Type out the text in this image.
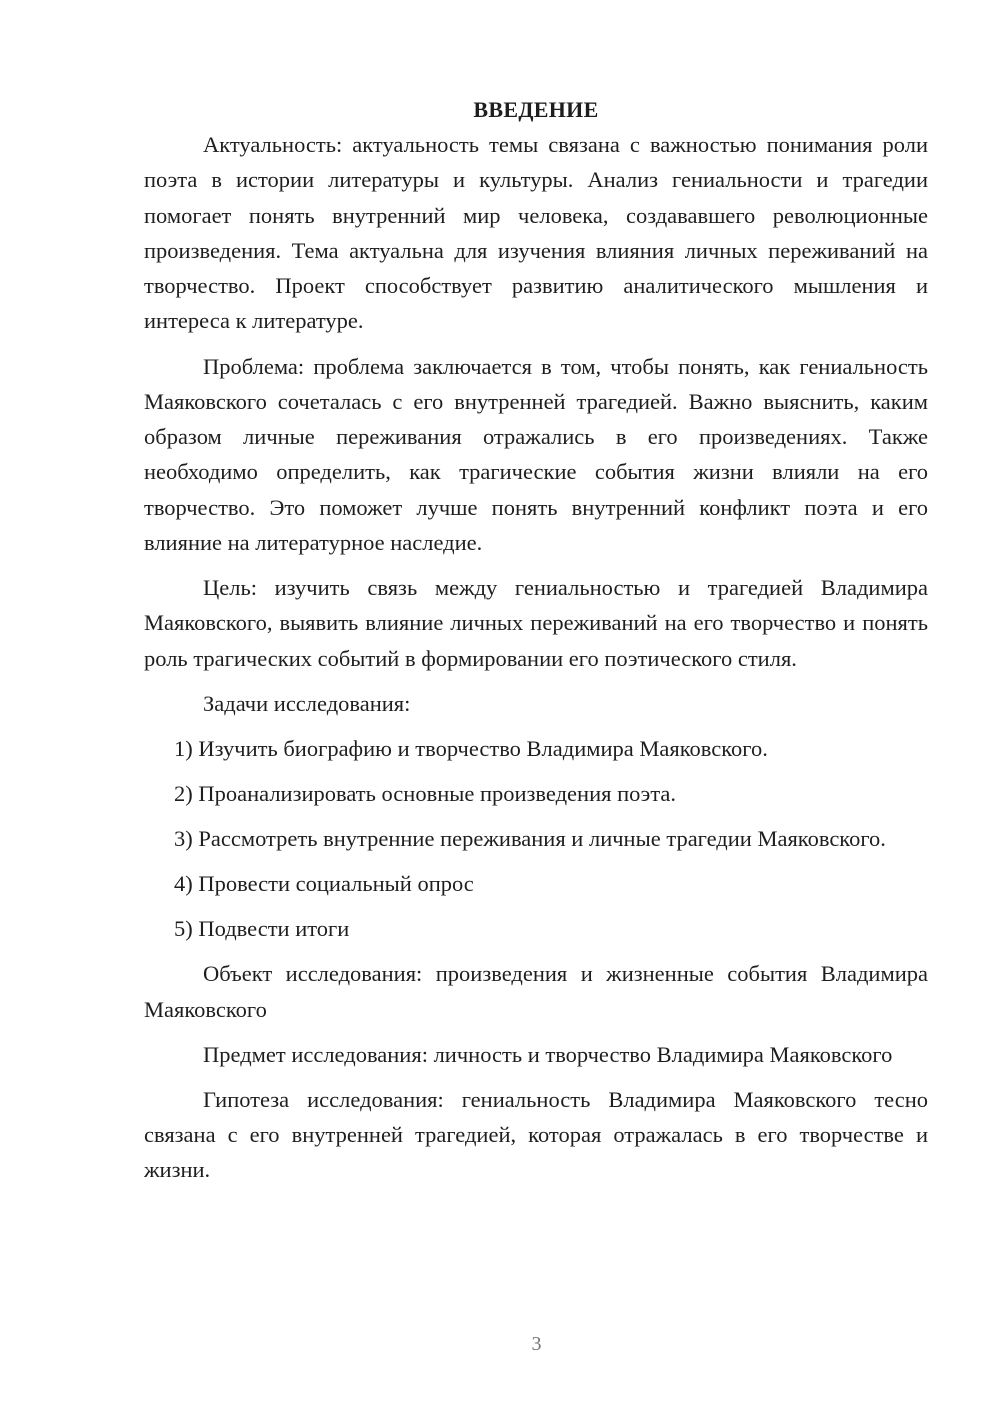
ВВЕДЕНИЕ

Актуальность: актуальность темы связана с важностью понимания роли поэта в истории литературы и культуры. Анализ гениальности и трагедии помогает понять внутренний мир человека, создававшего революционные произведения. Тема актуальна для изучения влияния личных переживаний на творчество. Проект способствует развитию аналитического мышления и интереса к литературе.

Проблема: проблема заключается в том, чтобы понять, как гениальность Маяковского сочеталась с его внутренней трагедией. Важно выяснить, каким образом личные переживания отражались в его произведениях. Также необходимо определить, как трагические события жизни влияли на его творчество. Это поможет лучше понять внутренний конфликт поэта и его влияние на литературное наследие.

Цель: изучить связь между гениальностью и трагедией Владимира Маяковского, выявить влияние личных переживаний на его творчество и понять роль трагических событий в формировании его поэтического стиля.

Задачи исследования:

1) Изучить биографию и творчество Владимира Маяковского.

2) Проанализировать основные произведения поэта.

3) Рассмотреть внутренние переживания и личные трагедии Маяковского.

4) Провести социальный опрос

5) Подвести итоги

Объект исследования: произведения и жизненные события Владимира Маяковского

Предмет исследования: личность и творчество Владимира Маяковского

Гипотеза исследования: гениальность Владимира Маяковского тесно связана с его внутренней трагедией, которая отражалась в его творчестве и жизни.

3
